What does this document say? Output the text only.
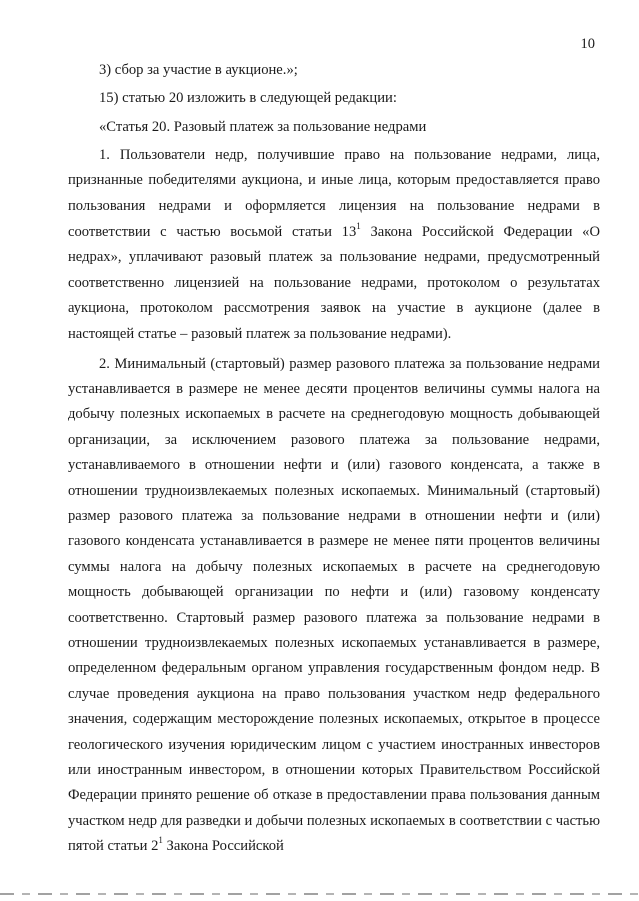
10

3) сбор за участие в аукционе.»;

15) статью 20 изложить в следующей редакции:

«Статья 20. Разовый платеж за пользование недрами

1. Пользователи недр, получившие право на пользование недрами, лица, признанные победителями аукциона, и иные лица, которым предоставляется право пользования недрами и оформляется лицензия на пользование недрами в соответствии с частью восьмой статьи $13^1$ Закона Российской Федерации «О недрах», уплачивают разовый платеж за пользование недрами, предусмотренный соответственно лицензией на пользование недрами, протоколом о результатах аукциона, протоколом рассмотрения заявок на участие в аукционе (далее в настоящей статье – разовый платеж за пользование недрами).

2. Минимальный (стартовый) размер разового платежа за пользование недрами устанавливается в размере не менее десяти процентов величины суммы налога на добычу полезных ископаемых в расчете на среднегодовую мощность добывающей организации, за исключением разового платежа за пользование недрами, устанавливаемого в отношении нефти и (или) газового конденсата, а также в отношении трудноизвлекаемых полезных ископаемых. Минимальный (стартовый) размер разового платежа за пользование недрами в отношении нефти и (или) газового конденсата устанавливается в размере не менее пяти процентов величины суммы налога на добычу полезных ископаемых в расчете на среднегодовую мощность добывающей организации по нефти и (или) газовому конденсату соответственно. Стартовый размер разового платежа за пользование недрами в отношении трудноизвлекаемых полезных ископаемых устанавливается в размере, определенном федеральным органом управления государственным фондом недр. В случае проведения аукциона на право пользования участком недр федерального значения, содержащим месторождение полезных ископаемых, открытое в процессе геологического изучения юридическим лицом с участием иностранных инвесторов или иностранным инвестором, в отношении которых Правительством Российской Федерации принято решение об отказе в предоставлении права пользования данным участком недр для разведки и добычи полезных ископаемых в соответствии с частью пятой статьи $2^1$ Закона Российской
